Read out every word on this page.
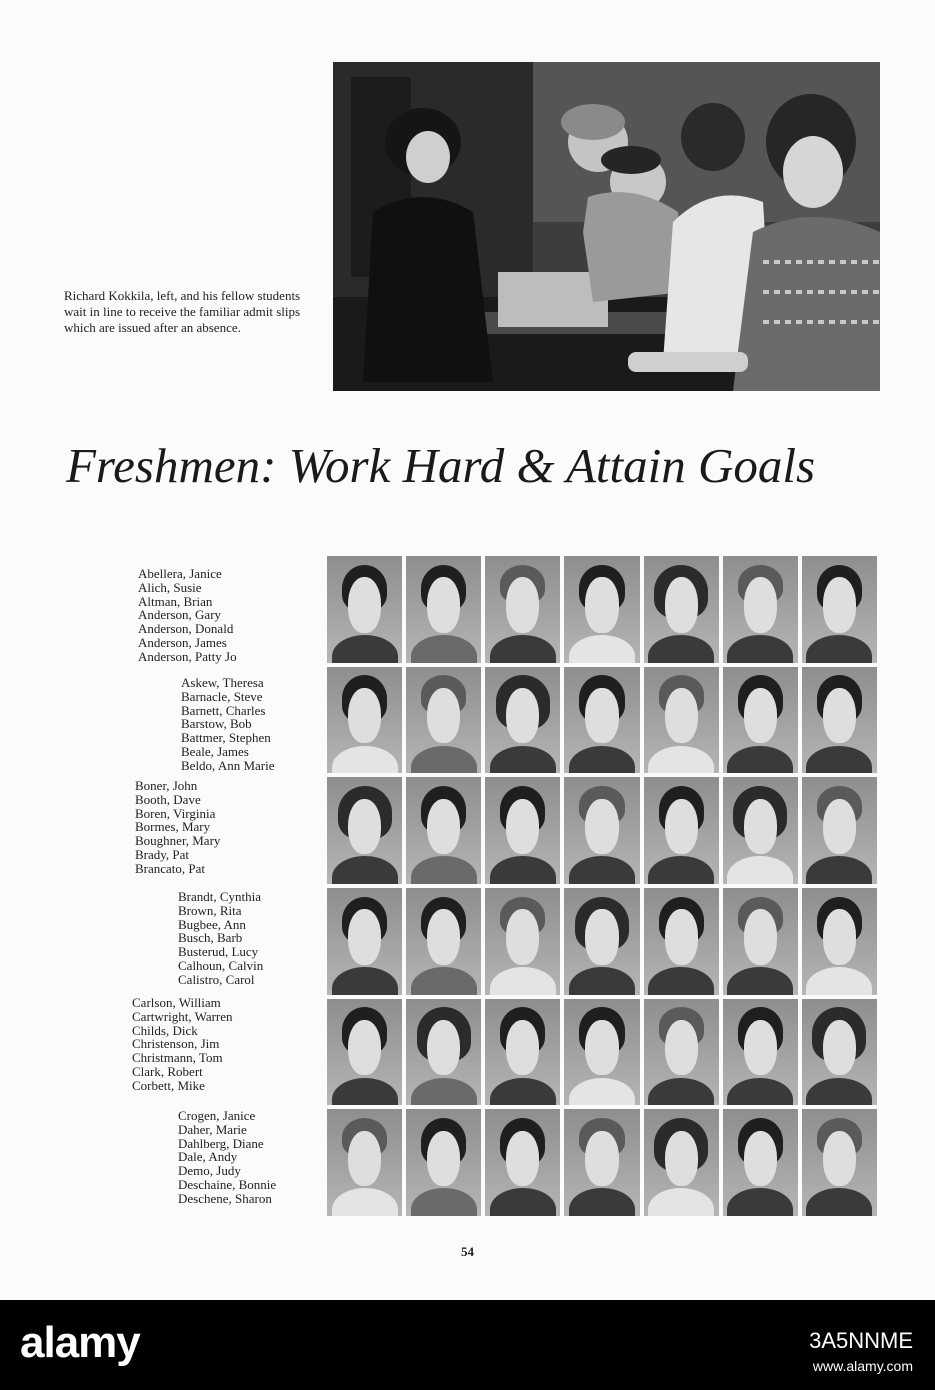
Richard Kokkila, left, and his fellow students wait in line to receive the familiar admit slips which are issued after an absence.

Freshmen: Work Hard & Attain Goals
Abellera, Janice
Alich, Susie
Altman, Brian
Anderson, Gary
Anderson, Donald
Anderson, James
Anderson, Patty Jo
Askew, Theresa
Barnacle, Steve
Barnett, Charles
Barstow, Bob
Battmer, Stephen
Beale, James
Beldo, Ann Marie
Boner, John
Booth, Dave
Boren, Virginia
Bormes, Mary
Boughner, Mary
Brady, Pat
Brancato, Pat
Brandt, Cynthia
Brown, Rita
Bugbee, Ann
Busch, Barb
Busterud, Lucy
Calhoun, Calvin
Calistro, Carol
Carlson, William
Cartwright, Warren
Childs, Dick
Christenson, Jim
Christmann, Tom
Clark, Robert
Corbett, Mike
Crogen, Janice
Daher, Marie
Dahlberg, Diane
Dale, Andy
Demo, Judy
Deschaine, Bonnie
Deschene, Sharon

54

alamy	3A5NNME
www.alamy.com
